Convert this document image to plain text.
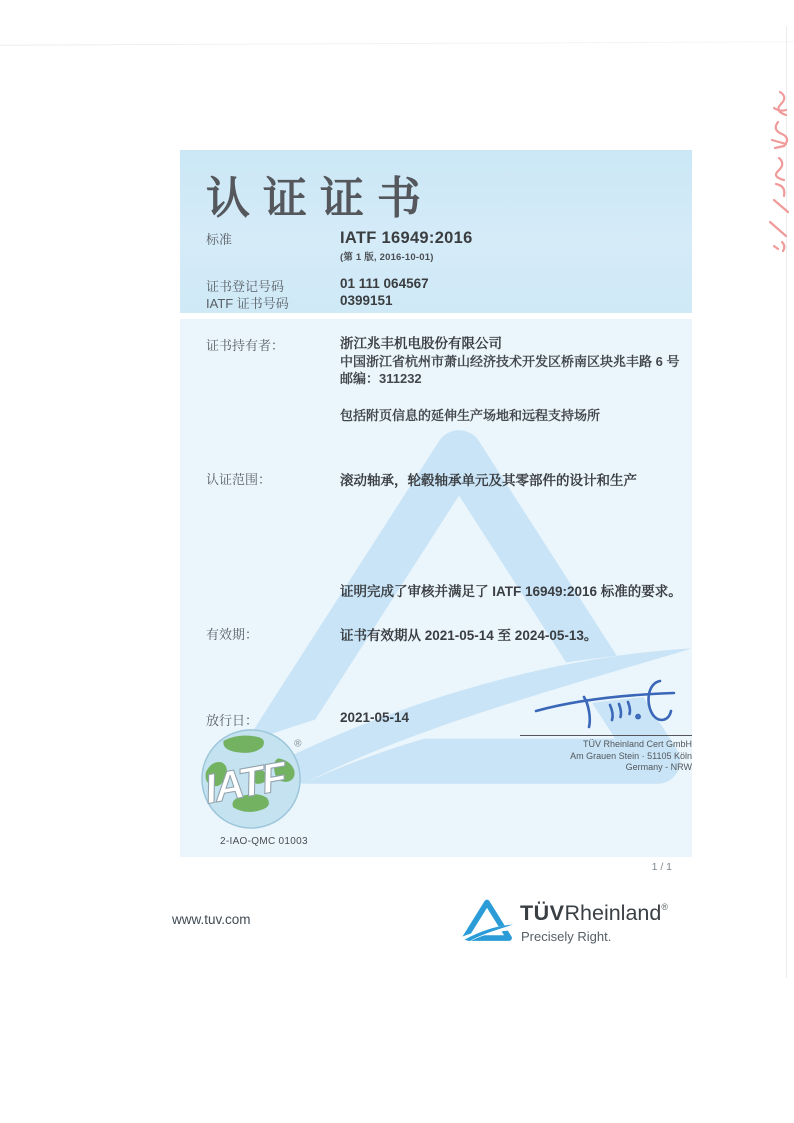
认证证书
标准	IATF 16949:2016
(第 1 版, 2016-10-01)
证书登记号码	01 111 064567
IATF 证书号码	0399151
证书持有者：	浙江兆丰机电股份有限公司
中国浙江省杭州市萧山经济技术开发区桥南区块兆丰路 6 号
邮编：311232
包括附页信息的延伸生产场地和远程支持场所
认证范围：	滚动轴承，轮毂轴承单元及其零部件的设计和生产
证明完成了审核并满足了 IATF 16949:2016 标准的要求。
有效期：	证书有效期从 2021-05-14 至 2024-05-13。
放行日：	2021-05-14
TÜV Rheinland Cert GmbH
Am Grauen Stein · 51105 Köln
Germany - NRW
IATF
®
2-IAO-QMC 01003
1 / 1
www.tuv.com	TÜVRheinland®
Precisely Right.
